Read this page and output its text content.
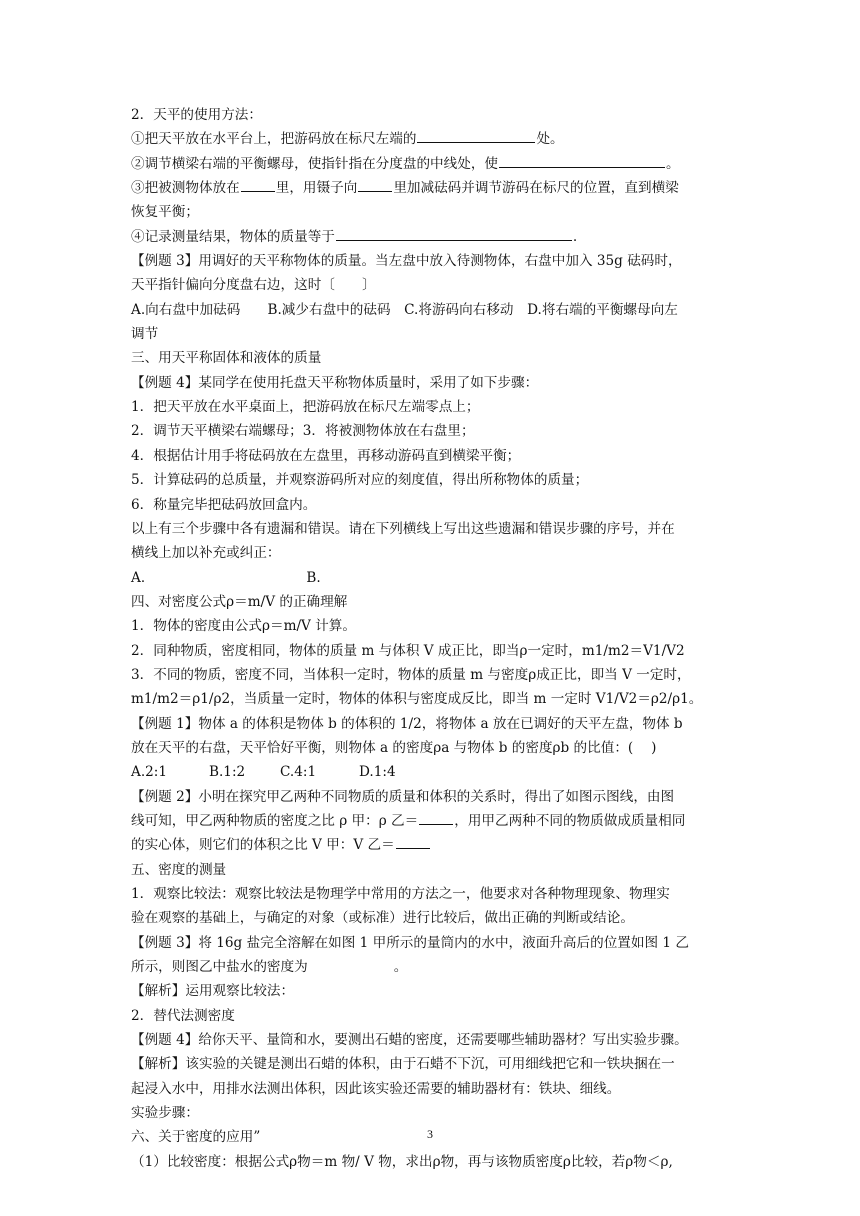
2．天平的使用方法：
①把天平放在水平台上，把游码放在标尺左端的	处。
②调节横梁右端的平衡螺母，使指针指在分度盘的中线处，使	。
③把被测物体放在	里，用镊子向	里加减砝码并调节游码在标尺的位置，直到横梁
恢复平衡；
④记录测量结果，物体的质量等于	.
【例题 3】用调好的天平称物体的质量。当左盘中放入待测物体，右盘中加入 35g 砝码时，
天平指针偏向分度盘右边，这时〔　　〕
A.向右盘中加砝码　　B.减少右盘中的砝码　C.将游码向右移动　D.将右端的平衡螺母向左
调节
三、用天平称固体和液体的质量
【例题 4】某同学在使用托盘天平称物体质量时，采用了如下步骤：
1．把天平放在水平桌面上，把游码放在标尺左端零点上；
2．调节天平横梁右端螺母；3．将被测物体放在右盘里；
4．根据估计用手将砝码放在左盘里，再移动游码直到横梁平衡；
5．计算砝码的总质量，并观察游码所对应的刻度值，得出所称物体的质量；
6．称量完毕把砝码放回盒内。
以上有三个步骤中各有遗漏和错误。请在下列横线上写出这些遗漏和错误步骤的序号，并在
横线上加以补充或纠正：
A．	B.
四、对密度公式ρ＝m/V 的正确理解
1．物体的密度由公式ρ＝m/V 计算。
2．同种物质，密度相同，物体的质量 m 与体积 V 成正比，即当ρ一定时，m1/m2＝V1/V2
3．不同的物质，密度不同，当体积一定时，物体的质量 m 与密度ρ成正比，即当 V 一定时，
m1/m2＝ρ1/ρ2，当质量一定时，物体的体积与密度成反比，即当 m 一定时 V1/V2＝ρ2/ρ1。
【例题 1】物体 a 的体积是物体 b 的体积的 1/2，将物体 a 放在已调好的天平左盘，物体 b
放在天平的右盘，天平恰好平衡，则物体 a 的密度ρa 与物体 b 的密度ρb 的比值：(　 )
A.2:1	B.1:2	C.4:1	D.1:4
【例题 2】小明在探究甲乙两种不同物质的质量和体积的关系时，得出了如图示图线，由图
线可知，甲乙两种物质的密度之比 ρ 甲：ρ 乙＝	，用甲乙两种不同的物质做成质量相同
的实心体，则它们的体积之比 V 甲：V 乙＝
五、密度的测量
1．观察比较法：观察比较法是物理学中常用的方法之一，他要求对各种物理现象、物理实
验在观察的基础上，与确定的对象（或标准）进行比较后，做出正确的判断或结论。
【例题 3】将 16g 盐完全溶解在如图 1 甲所示的量筒内的水中，液面升高后的位置如图 1 乙
所示，则图乙中盐水的密度为	。
【解析】运用观察比较法：
2．替代法测密度
【例题 4】给你天平、量筒和水，要测出石蜡的密度，还需要哪些辅助器材？写出实验步骤。
【解析】该实验的关键是测出石蜡的体积，由于石蜡不下沉，可用细线把它和一铁块捆在一
起浸入水中，用排水法测出体积，因此该实验还需要的辅助器材有：铁块、细线。
实验步骤：
六、关于密度的应用”
（1）比较密度：根据公式ρ物＝m 物/ V 物，求出ρ物，再与该物质密度ρ比较，若ρ物＜ρ,
3
